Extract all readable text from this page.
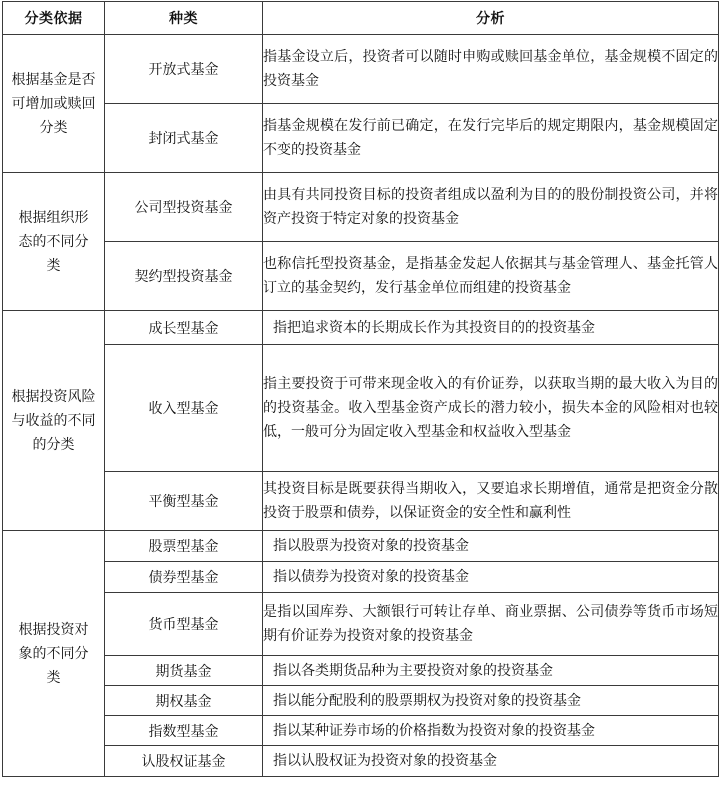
分类依据	种类	分析
根据基金是否可增加或赎回分类	开放式基金	指基金设立后，投资者可以随时申购或赎回基金单位，基金规模不固定的投资基金
	封闭式基金	指基金规模在发行前已确定，在发行完毕后的规定期限内，基金规模固定不变的投资基金
根据组织形态的不同分类	公司型投资基金	由具有共同投资目标的投资者组成以盈利为目的的股份制投资公司，并将资产投资于特定对象的投资基金
	契约型投资基金	也称信托型投资基金，是指基金发起人依据其与基金管理人、基金托管人订立的基金契约，发行基金单位而组建的投资基金
根据投资风险与收益的不同的分类	成长型基金	指把追求资本的长期成长作为其投资目的的投资基金
	收入型基金	指主要投资于可带来现金收入的有价证券，以获取当期的最大收入为目的的投资基金。收入型基金资产成长的潜力较小，损失本金的风险相对也较低，一般可分为固定收入型基金和权益收入型基金
	平衡型基金	其投资目标是既要获得当期收入，又要追求长期增值，通常是把资金分散投资于股票和债券，以保证资金的安全性和赢利性
根据投资对象的不同分类	股票型基金	指以股票为投资对象的投资基金
	债券型基金	指以债券为投资对象的投资基金
	货币型基金	是指以国库券、大额银行可转让存单、商业票据、公司债券等货币市场短期有价证券为投资对象的投资基金
	期货基金	指以各类期货品种为主要投资对象的投资基金
	期权基金	指以能分配股利的股票期权为投资对象的投资基金
	指数型基金	指以某种证券市场的价格指数为投资对象的投资基金
	认股权证基金	指以认股权证为投资对象的投资基金
